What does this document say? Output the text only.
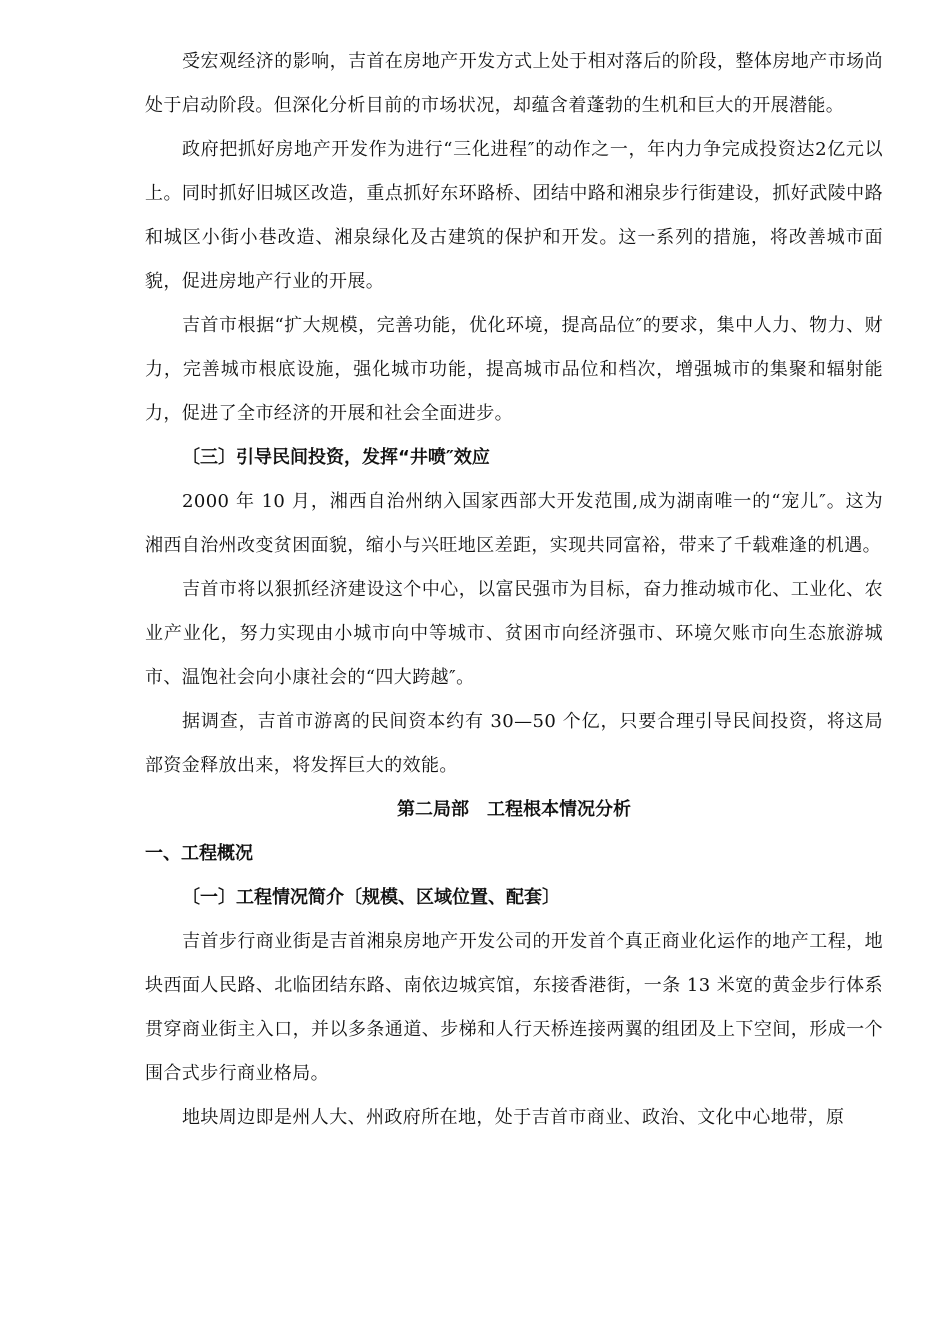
受宏观经济的影响，吉首在房地产开发方式上处于相对落后的阶段，整体房地产市场尚处于启动阶段。但深化分析目前的市场状况，却蕴含着蓬勃的生机和巨大的开展潜能。

政府把抓好房地产开发作为进行“三化进程″的动作之一，年内力争完成投资达2亿元以上。同时抓好旧城区改造，重点抓好东环路桥、团结中路和湘泉步行街建设，抓好武陵中路和城区小街小巷改造、湘泉绿化及古建筑的保护和开发。这一系列的措施，将改善城市面貌，促进房地产行业的开展。

吉首市根据“扩大规模，完善功能，优化环境，提高品位″的要求，集中人力、物力、财力，完善城市根底设施，强化城市功能，提高城市品位和档次，增强城市的集聚和辐射能力，促进了全市经济的开展和社会全面进步。

〔三〕引导民间投资，发挥“井喷″效应

2000 年 10 月，湘西自治州纳入国家西部大开发范围,成为湖南唯一的“宠儿″。这为湘西自治州改变贫困面貌，缩小与兴旺地区差距，实现共同富裕，带来了千载难逢的机遇。

吉首市将以狠抓经济建设这个中心，以富民强市为目标，奋力推动城市化、工业化、农业产业化，努力实现由小城市向中等城市、贫困市向经济强市、环境欠账市向生态旅游城市、温饱社会向小康社会的“四大跨越″。

据调查，吉首市游离的民间资本约有 30—50 个亿，只要合理引导民间投资，将这局部资金释放出来，将发挥巨大的效能。

第二局部　工程根本情况分析
一、工程概况
〔一〕工程情况简介〔规模、区域位置、配套〕

吉首步行商业街是吉首湘泉房地产开发公司的开发首个真正商业化运作的地产工程，地块西面人民路、北临团结东路、南依边城宾馆，东接香港街，一条 13 米宽的黄金步行体系贯穿商业街主入口，并以多条通道、步梯和人行天桥连接两翼的组团及上下空间，形成一个围合式步行商业格局。

地块周边即是州人大、州政府所在地，处于吉首市商业、政治、文化中心地带，原
